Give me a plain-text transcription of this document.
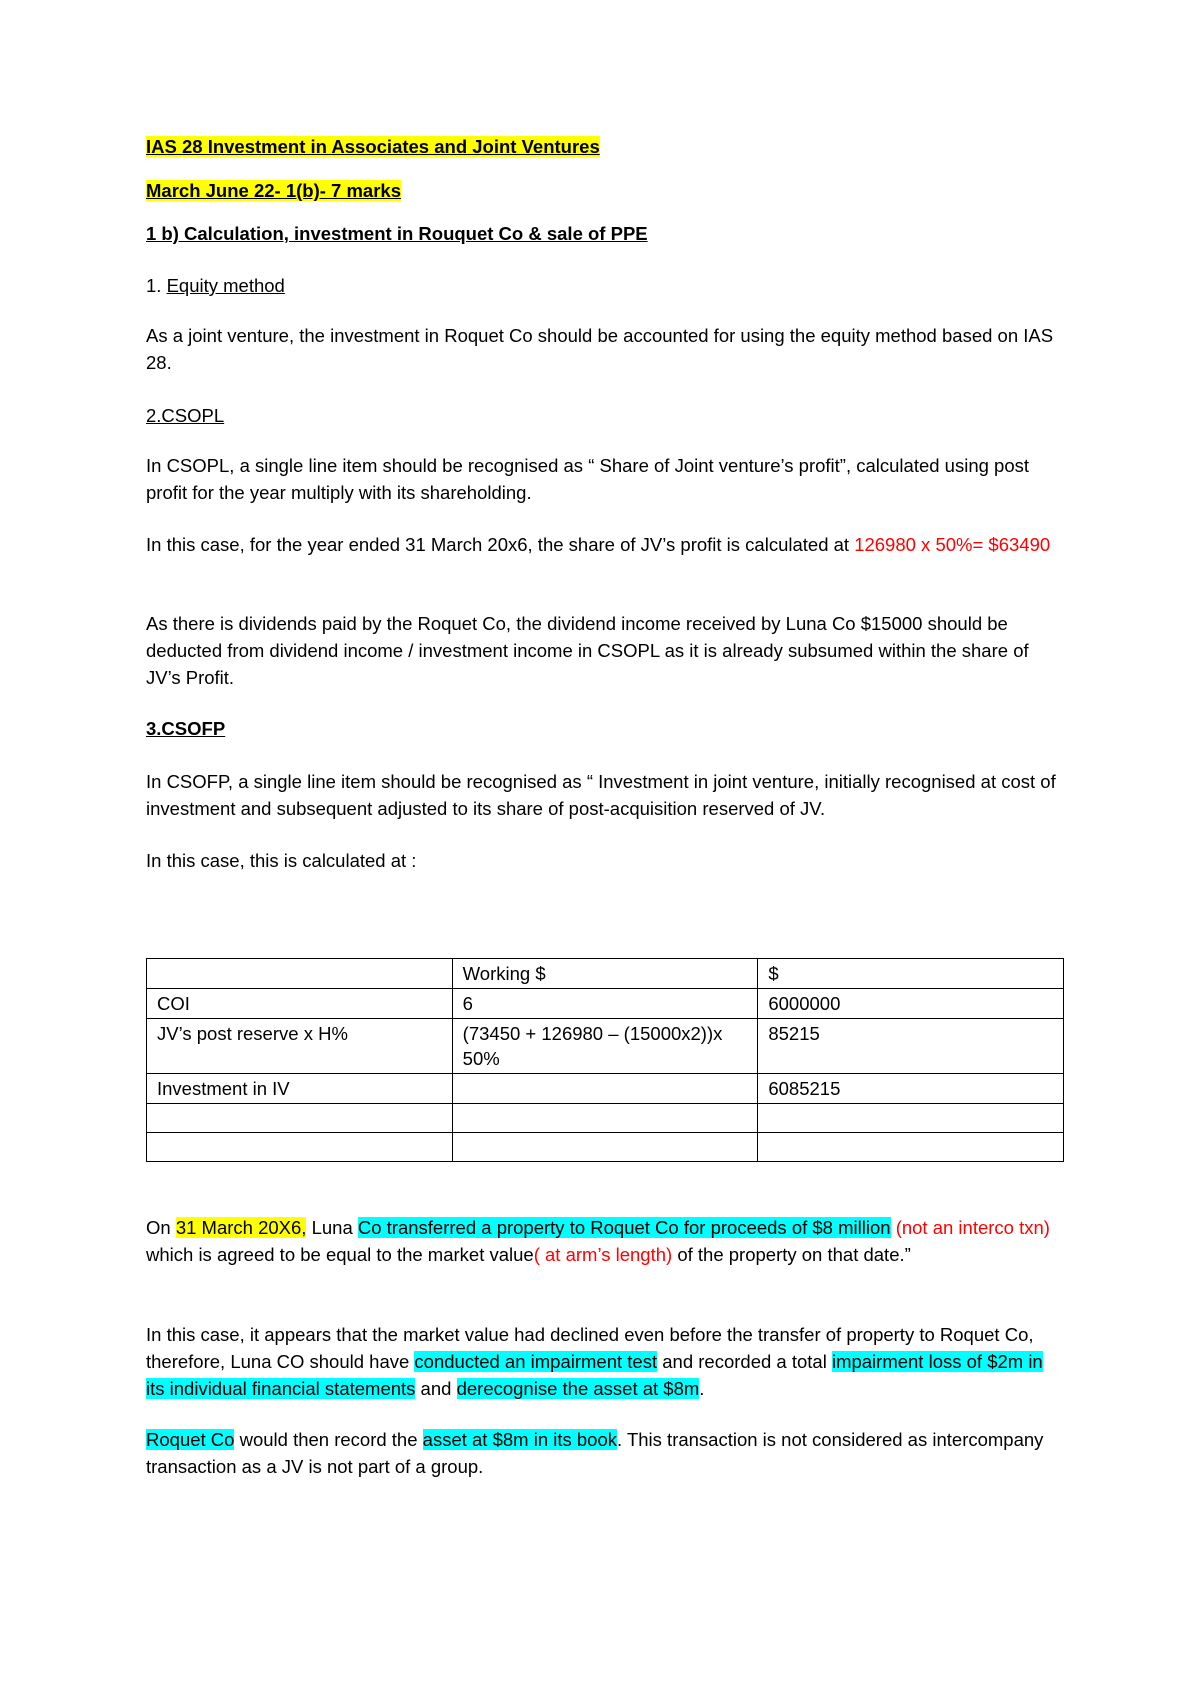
IAS 28 Investment in Associates and Joint Ventures

March June 22- 1(b)- 7 marks

1 b) Calculation, investment in Rouquet Co & sale of PPE

1. Equity method

As a joint venture, the investment in Roquet Co should be accounted for using the equity method based on IAS 28.

2.CSOPL

In CSOPL, a single line item should be recognised as “ Share of Joint venture’s profit”, calculated using post profit for the year multiply with its shareholding.

In this case, for the year ended 31 March 20x6, the share of JV’s profit is calculated at 126980 x 50%= $63490

As there is dividends paid by the Roquet Co, the dividend income received by Luna Co $15000 should be deducted from dividend income / investment income in CSOPL as it is already subsumed within the share of JV’s Profit.

3.CSOFP

In CSOFP, a single line item should be recognised as “ Investment in joint venture, initially recognised at cost of investment and subsequent adjusted to its share of post-acquisition reserved of JV.

In this case, this is calculated at :

	Working $	$
COI	6	6000000
JV’s post reserve x H%	(73450 + 126980 – (15000x2))x 50%	85215
Investment in IV		6085215

On 31 March 20X6, Luna Co transferred a property to Roquet Co for proceeds of $8 million (not an interco txn) which is agreed to be equal to the market value( at arm’s length) of the property on that date.”

In this case, it appears that the market value had declined even before the transfer of property to Roquet Co, therefore, Luna CO should have conducted an impairment test and recorded a total impairment loss of $2m in its individual financial statements and derecognise the asset at $8m.

Roquet Co would then record the asset at $8m in its book. This transaction is not considered as intercompany transaction as a JV is not part of a group.
